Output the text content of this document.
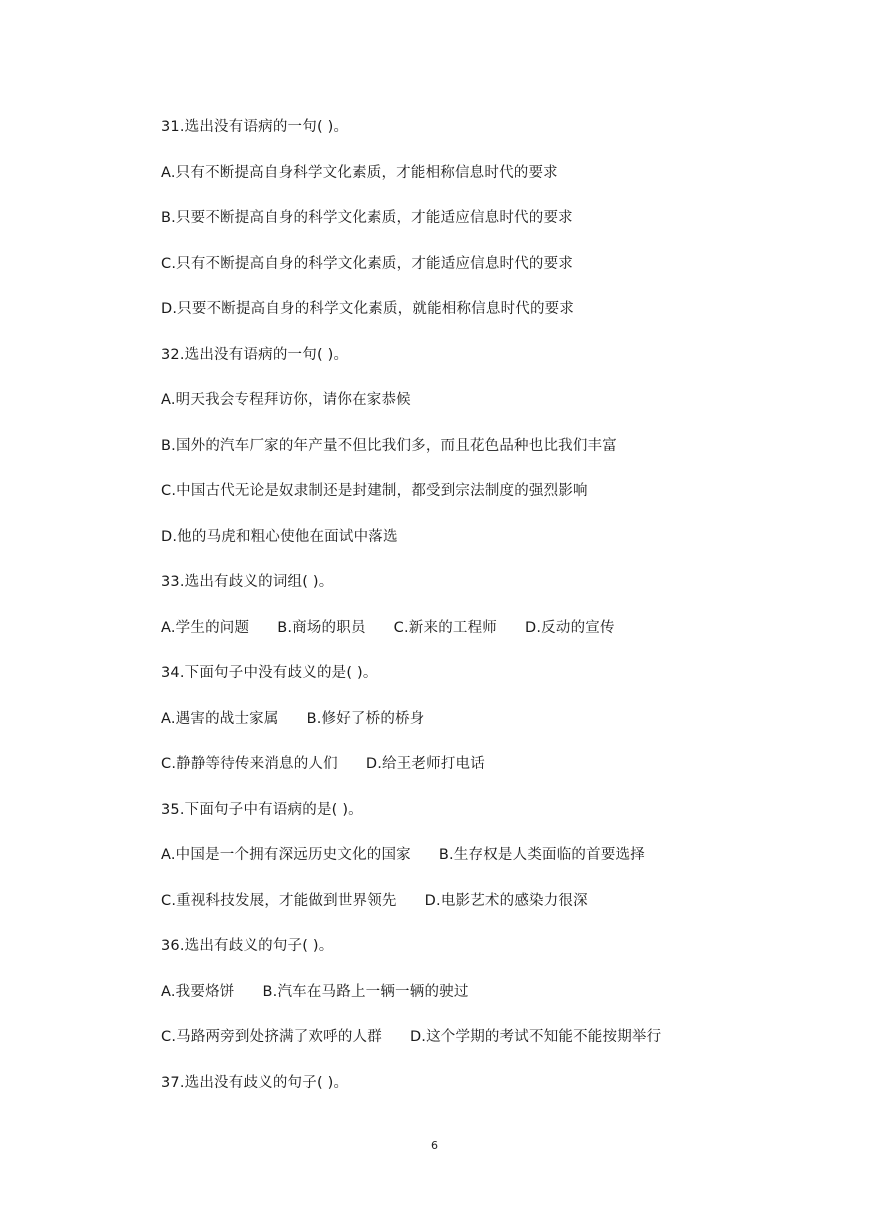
31.选出没有语病的一句( )。
A.只有不断提高自身科学文化素质，才能相称信息时代的要求
B.只要不断提高自身的科学文化素质，才能适应信息时代的要求
C.只有不断提高自身的科学文化素质，才能适应信息时代的要求
D.只要不断提高自身的科学文化素质，就能相称信息时代的要求
32.选出没有语病的一句( )。
A.明天我会专程拜访你，请你在家恭候
B.国外的汽车厂家的年产量不但比我们多，而且花色品种也比我们丰富
C.中国古代无论是奴隶制还是封建制，都受到宗法制度的强烈影响
D.他的马虎和粗心使他在面试中落选
33.选出有歧义的词组( )。
A.学生的问题 B.商场的职员 C.新来的工程师 D.反动的宣传
34.下面句子中没有歧义的是( )。
A.遇害的战士家属 B.修好了桥的桥身
C.静静等待传来消息的人们 D.给王老师打电话
35.下面句子中有语病的是( )。
A.中国是一个拥有深远历史文化的国家 B.生存权是人类面临的首要选择
C.重视科技发展，才能做到世界领先 D.电影艺术的感染力很深
36.选出有歧义的句子( )。
A.我要烙饼 B.汽车在马路上一辆一辆的驶过
C.马路两旁到处挤满了欢呼的人群 D.这个学期的考试不知能不能按期举行
37.选出没有歧义的句子( )。
6
